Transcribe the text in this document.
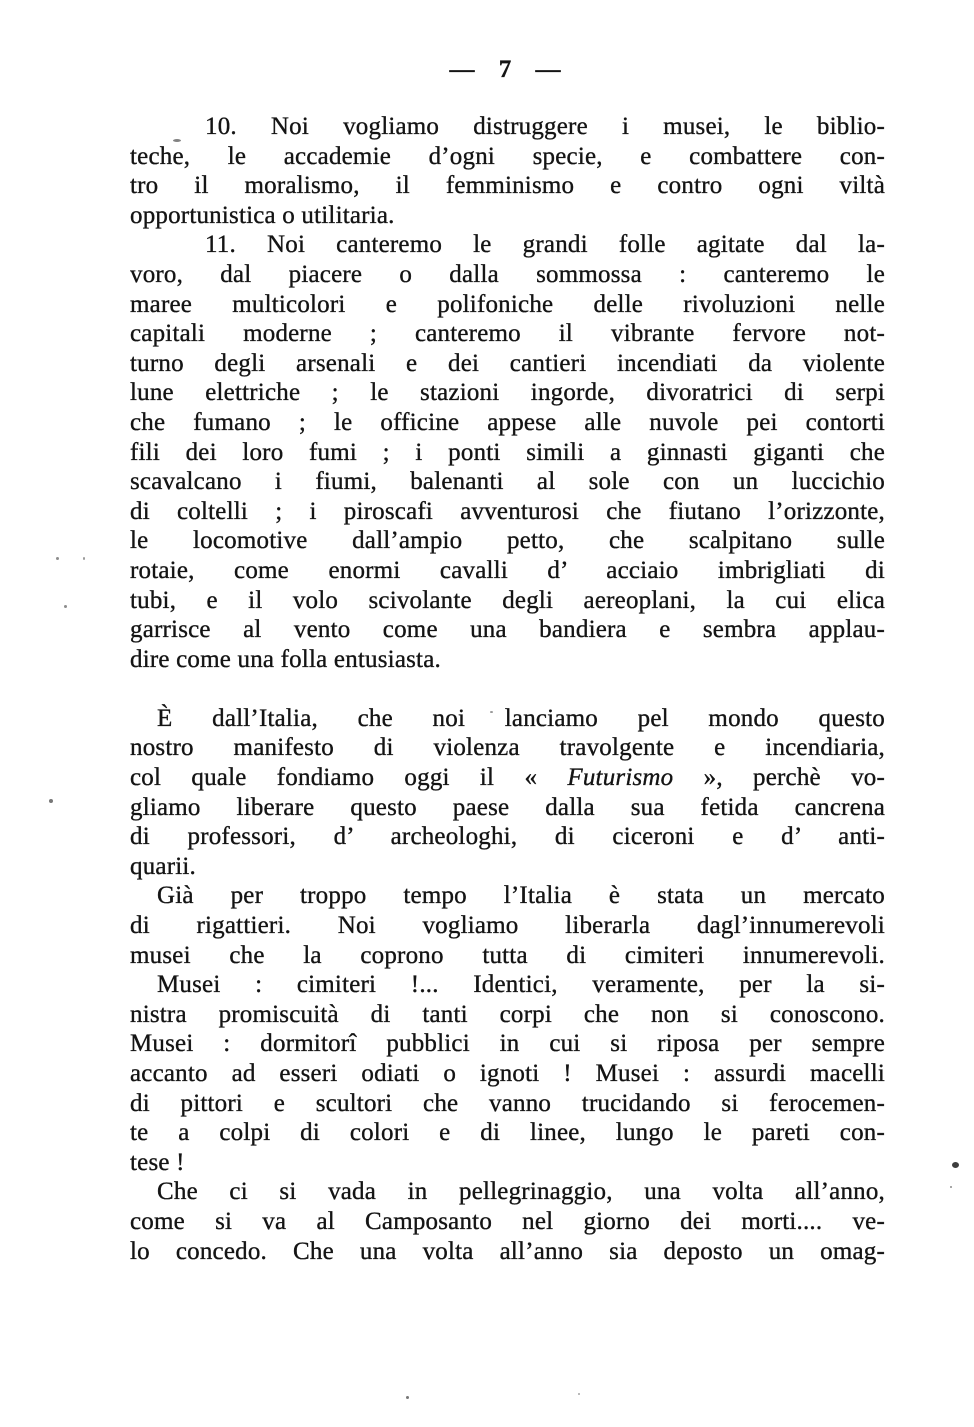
— 7 —
10. Noi vogliamo distruggere i musei, le biblio-
teche, le accademie d’ogni specie, e combattere con-
tro il moralismo, il femminismo e contro ogni viltà
opportunistica o utilitaria.
11. Noi canteremo le grandi folle agitate dal la-
voro, dal piacere o dalla sommossa : canteremo le
maree multicolori e polifoniche delle rivoluzioni nelle
capitali moderne ; canteremo il vibrante fervore not-
turno degli arsenali e dei cantieri incendiati da violente
lune elettriche ; le stazioni ingorde, divoratrici di serpi
che fumano ; le officine appese alle nuvole pei contorti
fili dei loro fumi ; i ponti simili a ginnasti giganti che
scavalcano i fiumi, balenanti al sole con un luccichio
di coltelli ; i piroscafi avventurosi che fiutano l’orizzonte,
le locomotive dall’ampio petto, che scalpitano sulle
rotaie, come enormi cavalli d’ acciaio imbrigliati di
tubi, e il volo scivolante degli aereoplani, la cui elica
garrisce al vento come una bandiera e sembra applau-
dire come una folla entusiasta.
È dall’Italia, che noi lanciamo pel mondo questo
nostro manifesto di violenza travolgente e incendiaria,
col quale fondiamo oggi il « Futurismo », perchè vo-
gliamo liberare questo paese dalla sua fetida cancrena
di professori, d’ archeologhi, di ciceroni e d’ anti-
quarii.
Già per troppo tempo l’Italia è stata un mercato
di rigattieri. Noi vogliamo liberarla dagl’innumerevoli
musei che la coprono tutta di cimiteri innumerevoli.
Musei : cimiteri !... Identici, veramente, per la si-
nistra promiscuità di tanti corpi che non si conoscono.
Musei : dormitorî pubblici in cui si riposa per sempre
accanto ad esseri odiati o ignoti ! Musei : assurdi macelli
di pittori e scultori che vanno trucidando si ferocemen-
te a colpi di colori e di linee, lungo le pareti con-
tese !
Che ci si vada in pellegrinaggio, una volta all’anno,
come si va al Camposanto nel giorno dei morti.... ve-
lo concedo. Che una volta all’anno sia deposto un omag-
